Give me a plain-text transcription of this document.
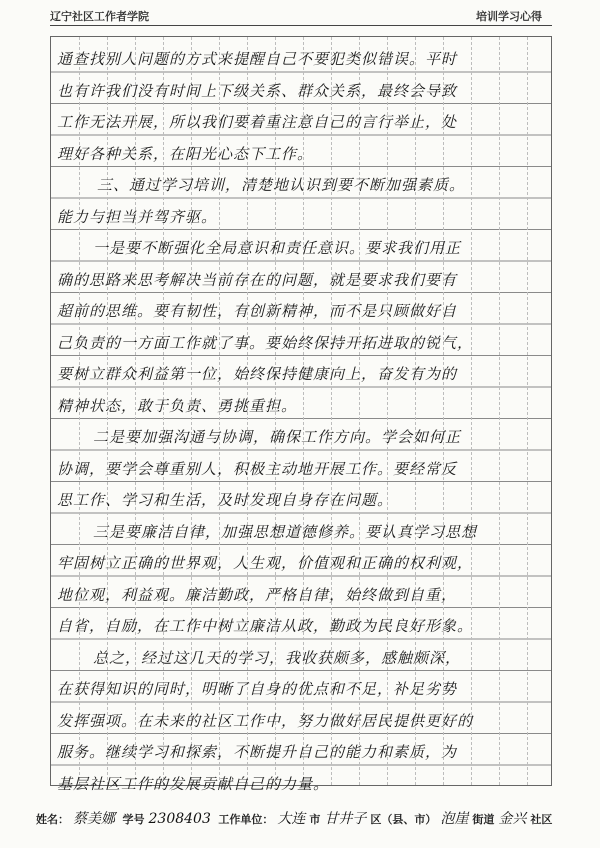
辽宁社区工作者学院	培训学习心得
通查找别人问题的方式来提醒自己不要犯类似错误。平时
也有许我们没有时间上下级关系、群众关系，最终会导致
工作无法开展，所以我们要着重注意自己的言行举止，处
理好各种关系，在阳光心态下工作。
三、通过学习培训，清楚地认识到要不断加强素质。
能力与担当并驾齐驱。
一是要不断强化全局意识和责任意识。要求我们用正
确的思路来思考解决当前存在的问题，就是要求我们要有
超前的思维。要有韧性，有创新精神，而不是只顾做好自
己负责的一方面工作就了事。要始终保持开拓进取的锐气，
要树立群众利益第一位，始终保持健康向上，奋发有为的
精神状态，敢于负责、勇挑重担。
二是要加强沟通与协调，确保工作方向。学会如何正
协调，要学会尊重别人，积极主动地开展工作。要经常反
思工作、学习和生活，及时发现自身存在问题。
三是要廉洁自律，加强思想道德修养。要认真学习思想
牢固树立正确的世界观，人生观，价值观和正确的权利观，
地位观，利益观。廉洁勤政，严格自律，始终做到自重，
自省，自励，在工作中树立廉洁从政，勤政为民良好形象。
总之，经过这几天的学习，我收获颇多，感触颇深，
在获得知识的同时，明晰了自身的优点和不足，补足劣势
发挥强项。在未来的社区工作中，努力做好居民提供更好的
服务。继续学习和探索，不断提升自己的能力和素质，为
基层社区工作的发展贡献自己的力量。
姓名： 蔡美娜 学号 2308403 工作单位： 大连 市 甘井子 区（县、市） 泡崖 街道 金兴 社区
